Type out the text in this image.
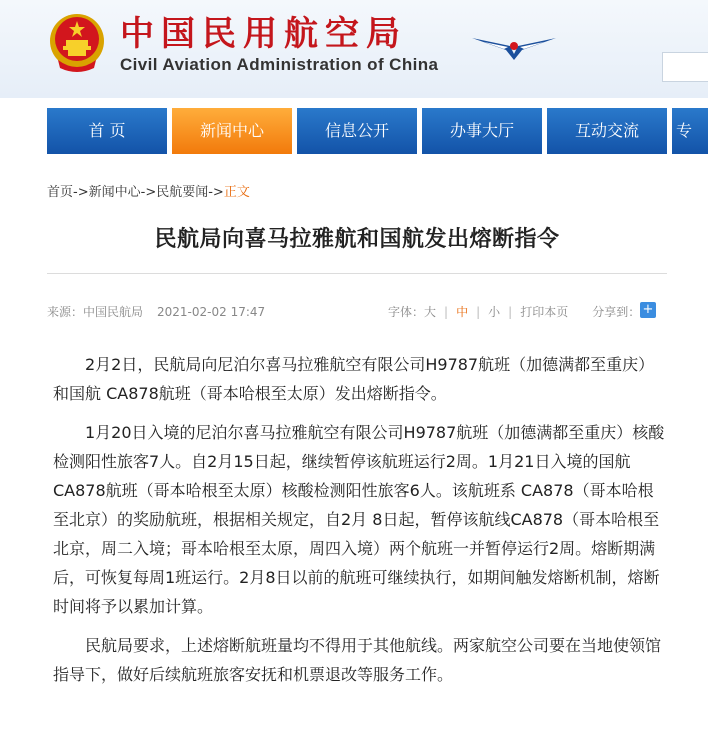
中国民用航空局
Civil Aviation Administration of China
首 页	新闻中心	信息公开	办事大厅	互动交流	专
首页->新闻中心->民航要闻->正文
民航局向喜马拉雅航和国航发出熔断指令
来源：中国民航局 2021-02-02 17:47	字体：大 | 中 | 小 | 打印本页 分享到： +

2月2日，民航局向尼泊尔喜马拉雅航空有限公司H9787航班（加德满都至重庆）和国航 CA878航班（哥本哈根至太原）发出熔断指令。

1月20日入境的尼泊尔喜马拉雅航空有限公司H9787航班（加德满都至重庆）核酸检测阳性旅客7人。自2月15日起，继续暂停该航班运行2周。1月21日入境的国航CA878航班（哥本哈根至太原）核酸检测阳性旅客6人。该航班系 CA878（哥本哈根至北京）的奖励航班，根据相关规定，自2月 8日起，暂停该航线CA878（哥本哈根至北京，周二入境；哥本哈根至太原，周四入境）两个航班一并暂停运行2周。熔断期满后，可恢复每周1班运行。2月8日以前的航班可继续执行，如期间触发熔断机制，熔断时间将予以累加计算。

民航局要求，上述熔断航班量均不得用于其他航线。两家航空公司要在当地使领馆指导下，做好后续航班旅客安抚和机票退改等服务工作。
